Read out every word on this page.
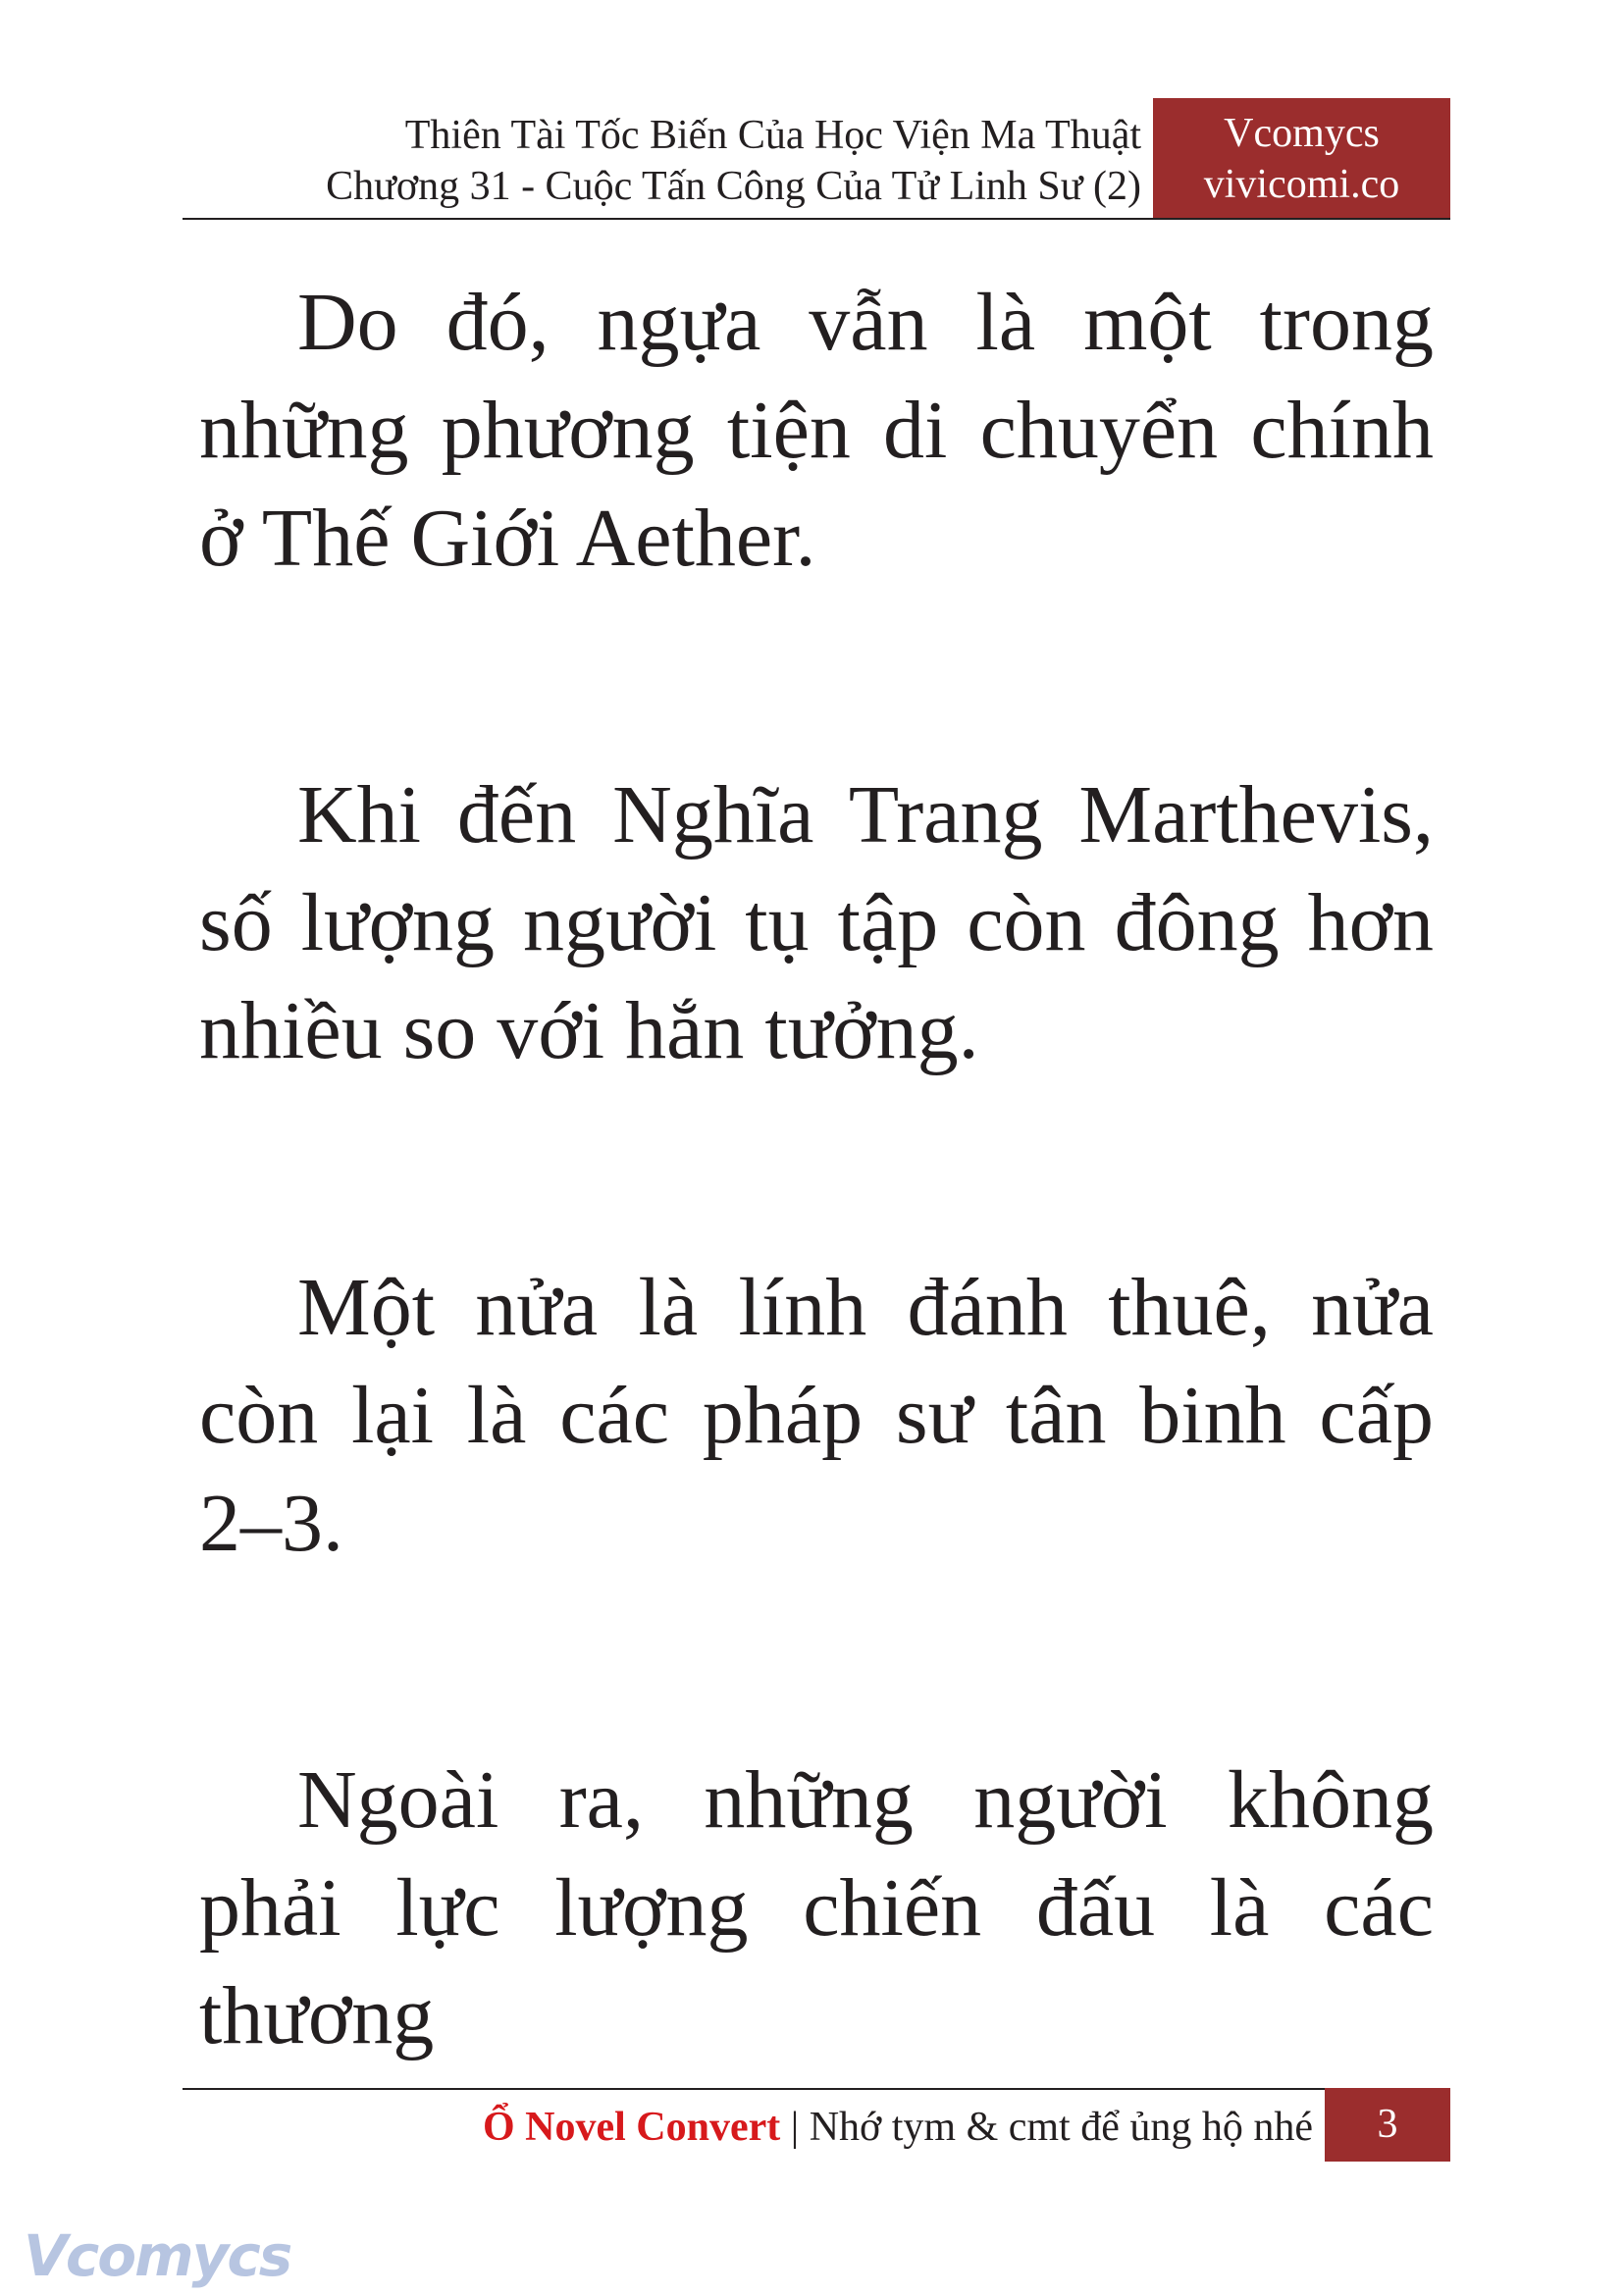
Thiên Tài Tốc Biến Của Học Viện Ma Thuật
Chương 31 - Cuộc Tấn Công Của Tử Linh Sư (2)
Vcomycs
vivicomi.co

Do đó, ngựa vẫn là một trong những phương tiện di chuyển chính ở Thế Giới Aether.

Khi đến Nghĩa Trang Marthevis, số lượng người tụ tập còn đông hơn nhiều so với hắn tưởng.

Một nửa là lính đánh thuê, nửa còn lại là các pháp sư tân binh cấp 2–3.

Ngoài ra, những người không phải lực lượng chiến đấu là các thương

Ổ Novel Convert | Nhớ tym & cmt để ủng hộ nhé	3
Vcomycs
